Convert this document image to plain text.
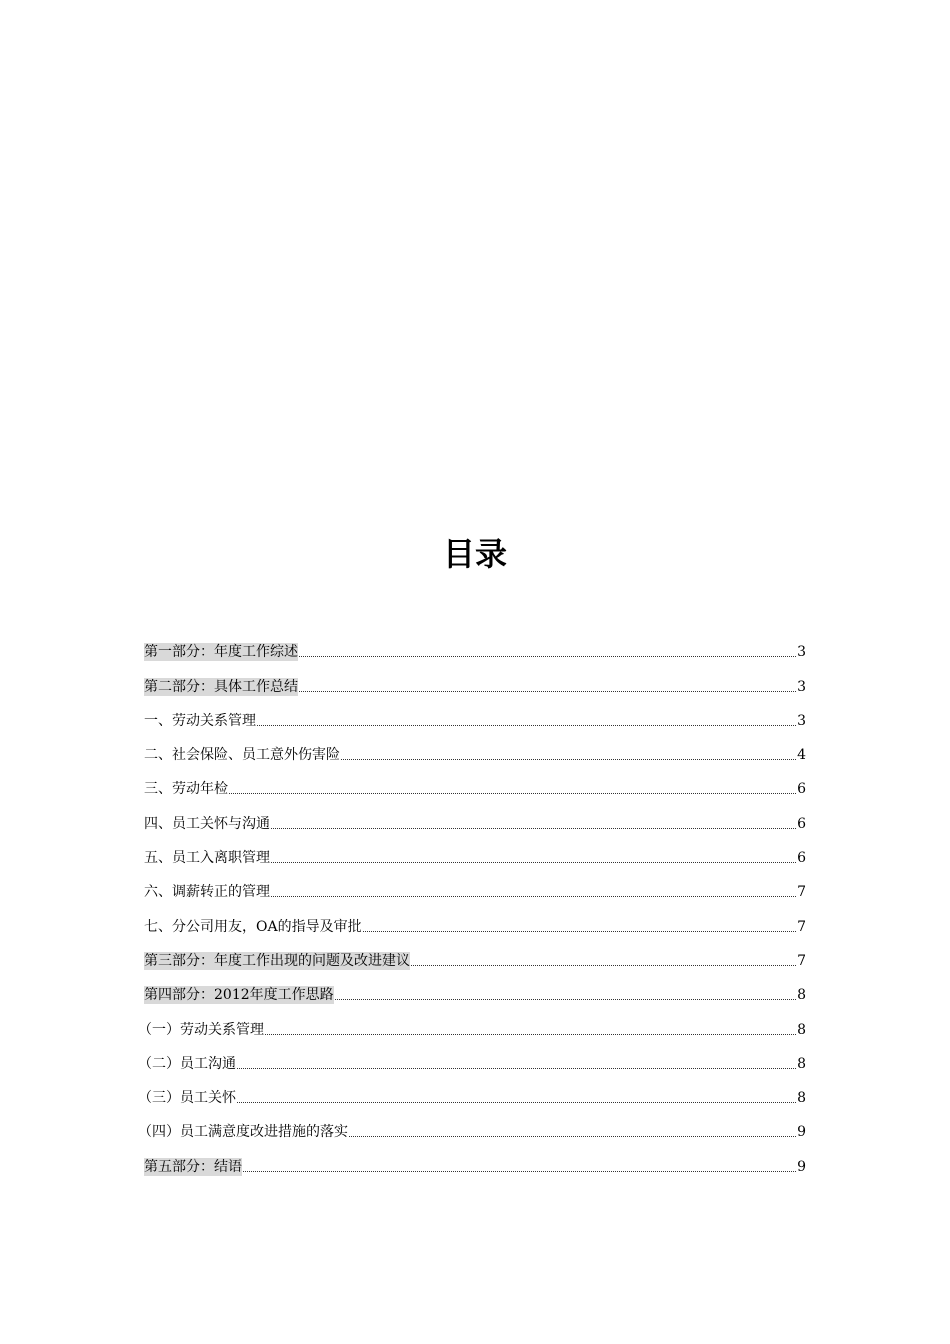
目录
第一部分：年度工作综述	3
第二部分：具体工作总结	3
一、劳动关系管理	3
二、社会保险、员工意外伤害险	4
三、劳动年检	6
四、员工关怀与沟通	6
五、员工入离职管理	6
六、调薪转正的管理	7
七、分公司用友，OA的指导及审批	7
第三部分：年度工作出现的问题及改进建议	7
第四部分：2012年度工作思路	8
（一）劳动关系管理	8
（二）员工沟通	8
（三）员工关怀	8
（四）员工满意度改进措施的落实	9
第五部分：结语	9
